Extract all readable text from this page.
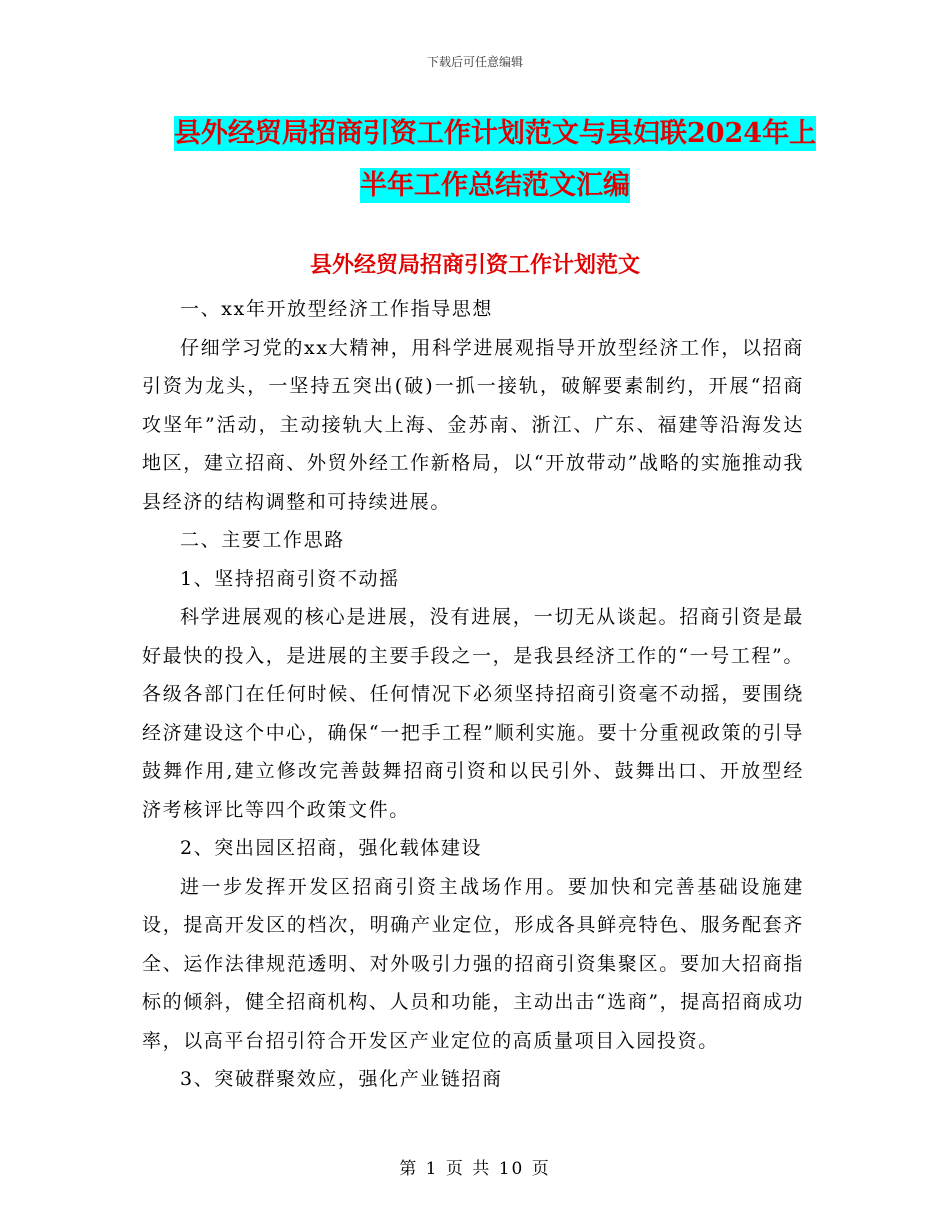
下载后可任意编辑
县外经贸局招商引资工作计划范文与县妇联2024年上
半年工作总结范文汇编
县外经贸局招商引资工作计划范文

一、xx年开放型经济工作指导思想

仔细学习党的xx大精神，用科学进展观指导开放型经济工作，以招商引资为龙头，一坚持五突出(破)一抓一接轨，破解要素制约，开展“招商攻坚年”活动，主动接轨大上海、金苏南、浙江、广东、福建等沿海发达地区，建立招商、外贸外经工作新格局，以“开放带动”战略的实施推动我县经济的结构调整和可持续进展。

二、主要工作思路

1、坚持招商引资不动摇

科学进展观的核心是进展，没有进展，一切无从谈起。招商引资是最好最快的投入，是进展的主要手段之一，是我县经济工作的“一号工程”。各级各部门在任何时候、任何情况下必须坚持招商引资毫不动摇，要围绕经济建设这个中心，确保“一把手工程”顺利实施。要十分重视政策的引导鼓舞作用,建立修改完善鼓舞招商引资和以民引外、鼓舞出口、开放型经济考核评比等四个政策文件。

2、突出园区招商，强化载体建设

进一步发挥开发区招商引资主战场作用。要加快和完善基础设施建设，提高开发区的档次，明确产业定位，形成各具鲜亮特色、服务配套齐全、运作法律规范透明、对外吸引力强的招商引资集聚区。要加大招商指标的倾斜，健全招商机构、人员和功能，主动出击“选商”，提高招商成功率，以高平台招引符合开发区产业定位的高质量项目入园投资。

3、突破群聚效应，强化产业链招商

第 1 页 共 10 页
